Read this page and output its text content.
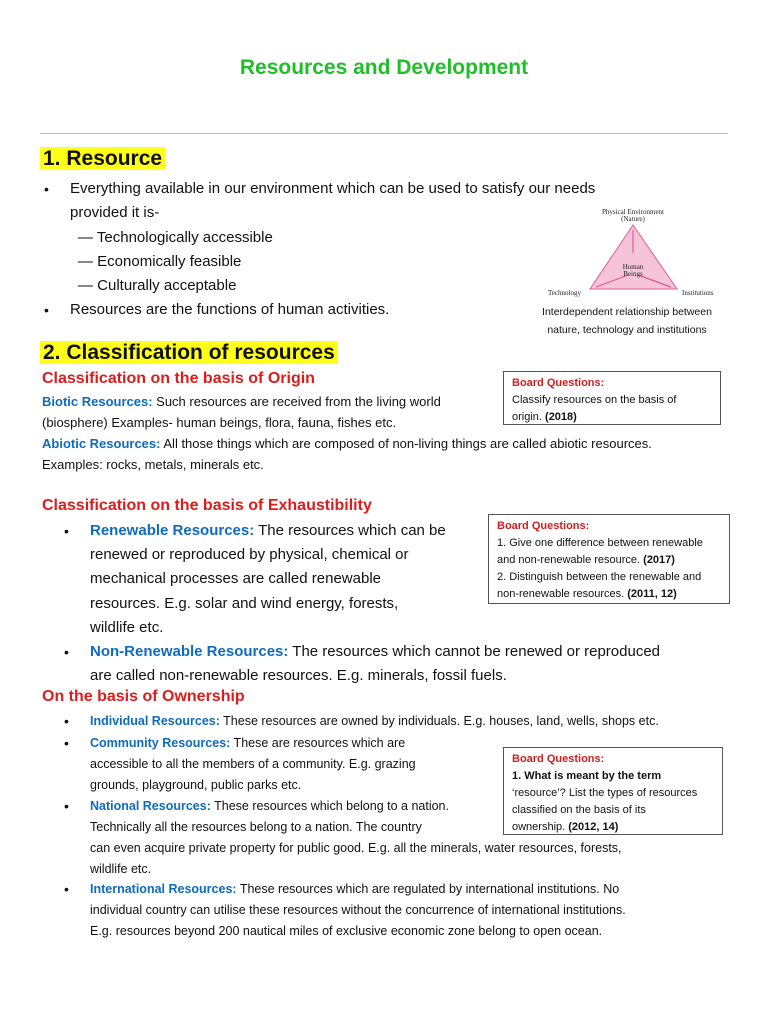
Resources and Development
1. Resource
• Everything available in our environment which can be used to satisfy our needs
provided it is-
— Technologically accessible
— Economically feasible
— Culturally acceptable
• Resources are the functions of human activities.
Physical Environment
(Nature)
Human
Beings
Technology	Institutions
Interdependent relationship between
nature, technology and institutions
2. Classification of resources
Classification on the basis of Origin
Biotic Resources: Such resources are received from the living world
(biosphere) Examples- human beings, flora, fauna, fishes etc.
Abiotic Resources: All those things which are composed of non-living things are called abiotic resources.
Examples: rocks, metals, minerals etc.
Board Questions:
Classify resources on the basis of
origin. (2018)
Classification on the basis of Exhaustibility
• Renewable Resources: The resources which can be
renewed or reproduced by physical, chemical or
mechanical processes are called renewable
resources. E.g. solar and wind energy, forests,
wildlife etc.
• Non-Renewable Resources: The resources which cannot be renewed or reproduced
are called non-renewable resources. E.g. minerals, fossil fuels.
Board Questions:
1. Give one difference between renewable
and non-renewable resource. (2017)
2. Distinguish between the renewable and
non-renewable resources. (2011, 12)
On the basis of Ownership
• Individual Resources: These resources are owned by individuals. E.g. houses, land, wells, shops etc.
• Community Resources: These are resources which are
accessible to all the members of a community. E.g. grazing
grounds, playground, public parks etc.
• National Resources: These resources which belong to a nation.
Technically all the resources belong to a nation. The country
can even acquire private property for public good. E.g. all the minerals, water resources, forests,
wildlife etc.
• International Resources: These resources which are regulated by international institutions. No
individual country can utilise these resources without the concurrence of international institutions.
E.g. resources beyond 200 nautical miles of exclusive economic zone belong to open ocean.
Board Questions:
1. What is meant by the term
‘resource’? List the types of resources
classified on the basis of its
ownership. (2012, 14)
